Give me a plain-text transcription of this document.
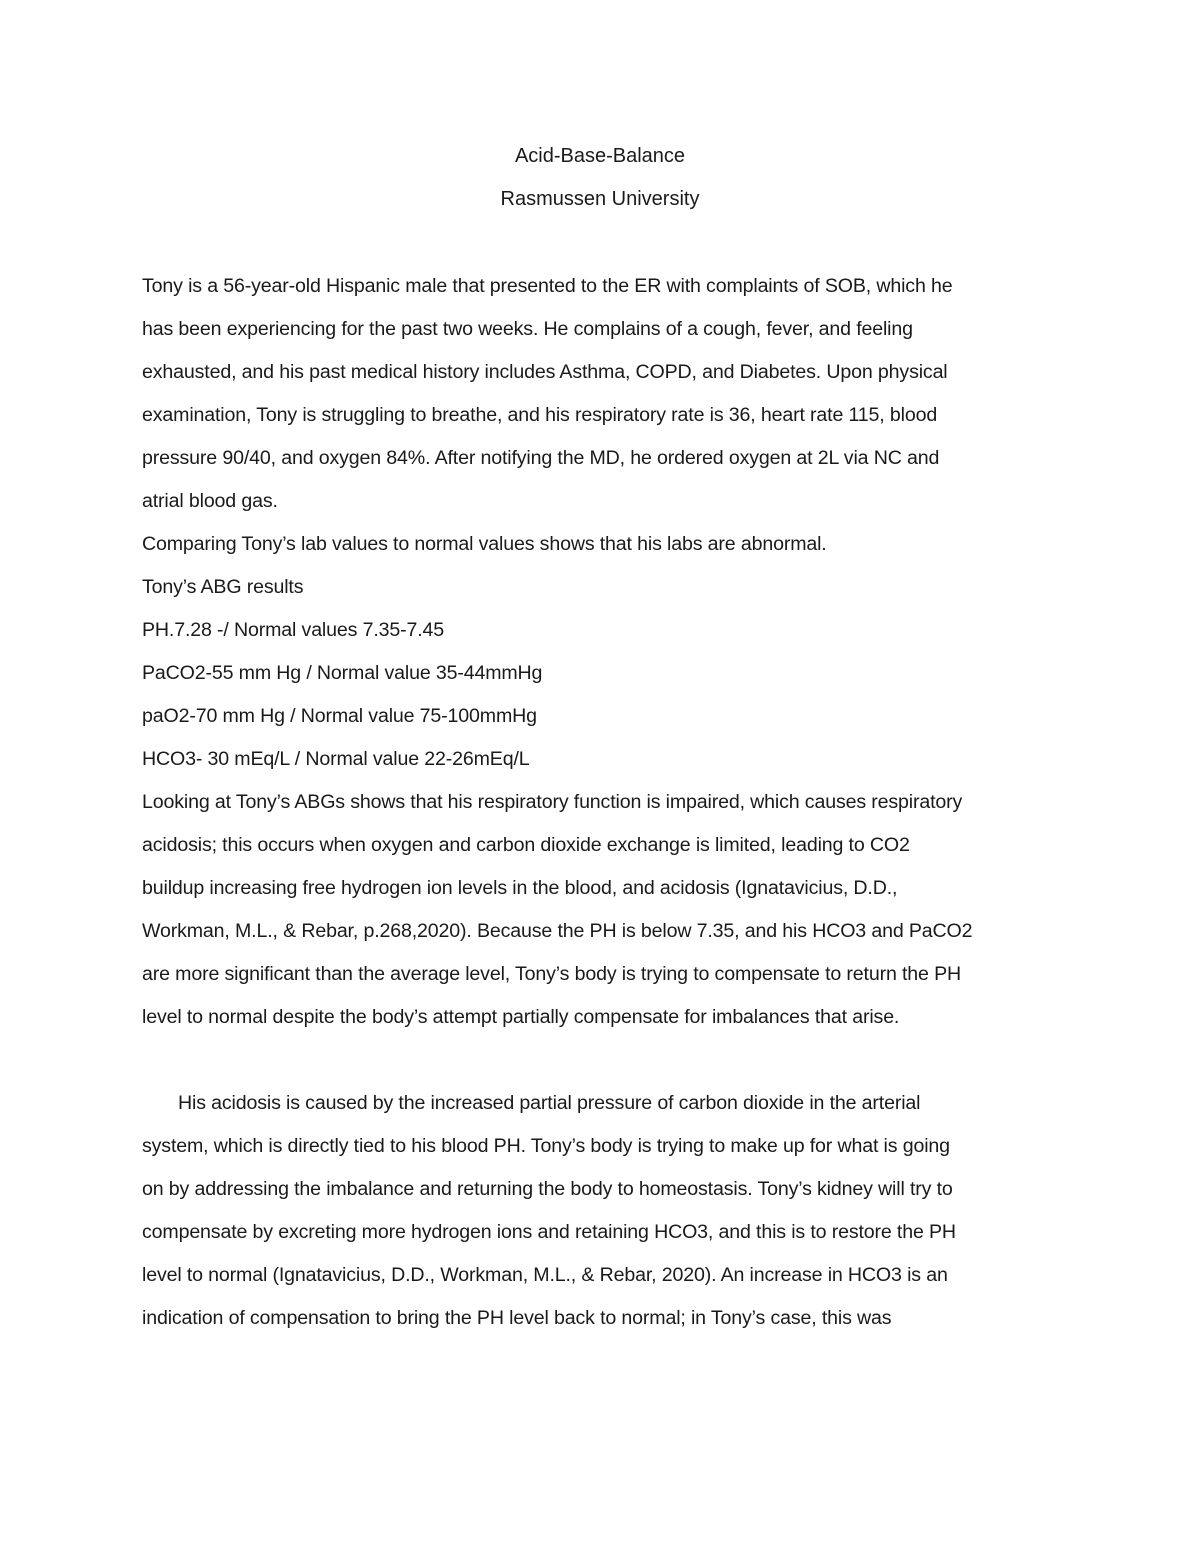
Acid-Base-Balance
Rasmussen University
Tony is a 56-year-old Hispanic male that presented to the ER with complaints of SOB, which he
has been experiencing for the past two weeks. He complains of a cough, fever, and feeling
exhausted, and his past medical history includes Asthma, COPD, and Diabetes. Upon physical
examination, Tony is struggling to breathe, and his respiratory rate is 36, heart rate 115, blood
pressure 90/40, and oxygen 84%. After notifying the MD, he ordered oxygen at 2L via NC and
atrial blood gas.
Comparing Tony’s lab values to normal values shows that his labs are abnormal.
Tony’s ABG results
PH.7.28 -/ Normal values 7.35-7.45
PaCO2-55 mm Hg / Normal value 35-44mmHg
paO2-70 mm Hg / Normal value 75-100mmHg
HCO3- 30 mEq/L / Normal value 22-26mEq/L
Looking at Tony’s ABGs shows that his respiratory function is impaired, which causes respiratory
acidosis; this occurs when oxygen and carbon dioxide exchange is limited, leading to CO2
buildup increasing free hydrogen ion levels in the blood, and acidosis (Ignatavicius, D.D.,
Workman, M.L., & Rebar, p.268,2020). Because the PH is below 7.35, and his HCO3 and PaCO2
are more significant than the average level, Tony’s body is trying to compensate to return the PH
level to normal despite the body’s attempt partially compensate for imbalances that arise.
His acidosis is caused by the increased partial pressure of carbon dioxide in the arterial
system, which is directly tied to his blood PH. Tony’s body is trying to make up for what is going
on by addressing the imbalance and returning the body to homeostasis. Tony’s kidney will try to
compensate by excreting more hydrogen ions and retaining HCO3, and this is to restore the PH
level to normal (Ignatavicius, D.D., Workman, M.L., & Rebar, 2020). An increase in HCO3 is an
indication of compensation to bring the PH level back to normal; in Tony’s case, this was
